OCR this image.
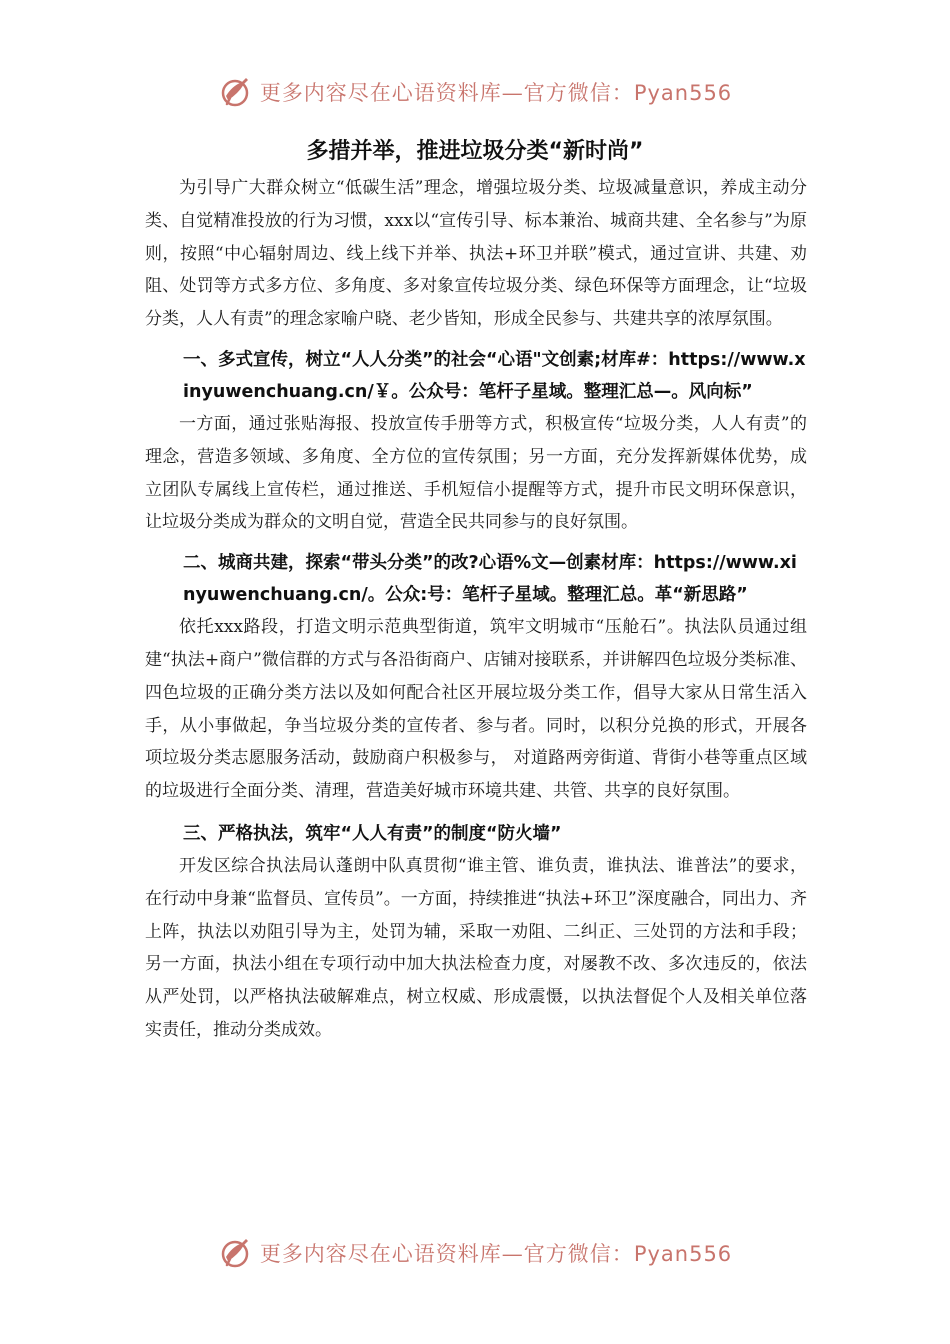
更多内容尽在心语资料库—官方微信：Pyan556
多措并举，推进垃圾分类“新时尚”

为引导广大群众树立“低碳生活”理念，增强垃圾分类、垃圾减量意识，养成主动分类、自觉精准投放的行为习惯，xxx以“宣传引导、标本兼治、城商共建、全名参与”为原则，按照“中心辐射周边、线上线下并举、执法+环卫并联”模式，通过宣讲、共建、劝阻、处罚等方式多方位、多角度、多对象宣传垃圾分类、绿色环保等方面理念，让“垃圾分类，人人有责”的理念家喻户晓、老少皆知，形成全民参与、共建共享的浓厚氛围。

一、多式宣传，树立“人人分类”的社会“心语"文创素;材库#：https://www.xinyuwenchuang.cn/￥。公众号：笔杆子星域。整理汇总—。风向标”

一方面，通过张贴海报、投放宣传手册等方式，积极宣传“垃圾分类，人人有责”的理念，营造多领域、多角度、全方位的宣传氛围；另一方面，充分发挥新媒体优势，成立团队专属线上宣传栏，通过推送、手机短信小提醒等方式，提升市民文明环保意识，让垃圾分类成为群众的文明自觉，营造全民共同参与的良好氛围。

二、城商共建，探索“带头分类”的改?心语%文—创素材库：https://www.xinyuwenchuang.cn/。公众:号：笔杆子星域。整理汇总。革“新思路”

依托xxx路段，打造文明示范典型街道，筑牢文明城市“压舱石”。执法队员通过组建“执法+商户”微信群的方式与各沿街商户、店铺对接联系，并讲解四色垃圾分类标准、四色垃圾的正确分类方法以及如何配合社区开展垃圾分类工作，倡导大家从日常生活入手，从小事做起，争当垃圾分类的宣传者、参与者。同时，以积分兑换的形式，开展各项垃圾分类志愿服务活动，鼓励商户积极参与， 对道路两旁街道、背街小巷等重点区域的垃圾进行全面分类、清理，营造美好城市环境共建、共管、共享的良好氛围。

三、严格执法，筑牢“人人有责”的制度“防火墙”

开发区综合执法局认蓬朗中队真贯彻“谁主管、谁负责，谁执法、谁普法”的要求，在行动中身兼“监督员、宣传员”。一方面，持续推进“执法+环卫”深度融合，同出力、齐上阵，执法以劝阻引导为主，处罚为辅，采取一劝阻、二纠正、三处罚的方法和手段；另一方面，执法小组在专项行动中加大执法检查力度，对屡教不改、多次违反的，依法从严处罚，以严格执法破解难点，树立权威、形成震慑，以执法督促个人及相关单位落实责任，推动分类成效。

更多内容尽在心语资料库—官方微信：Pyan556
